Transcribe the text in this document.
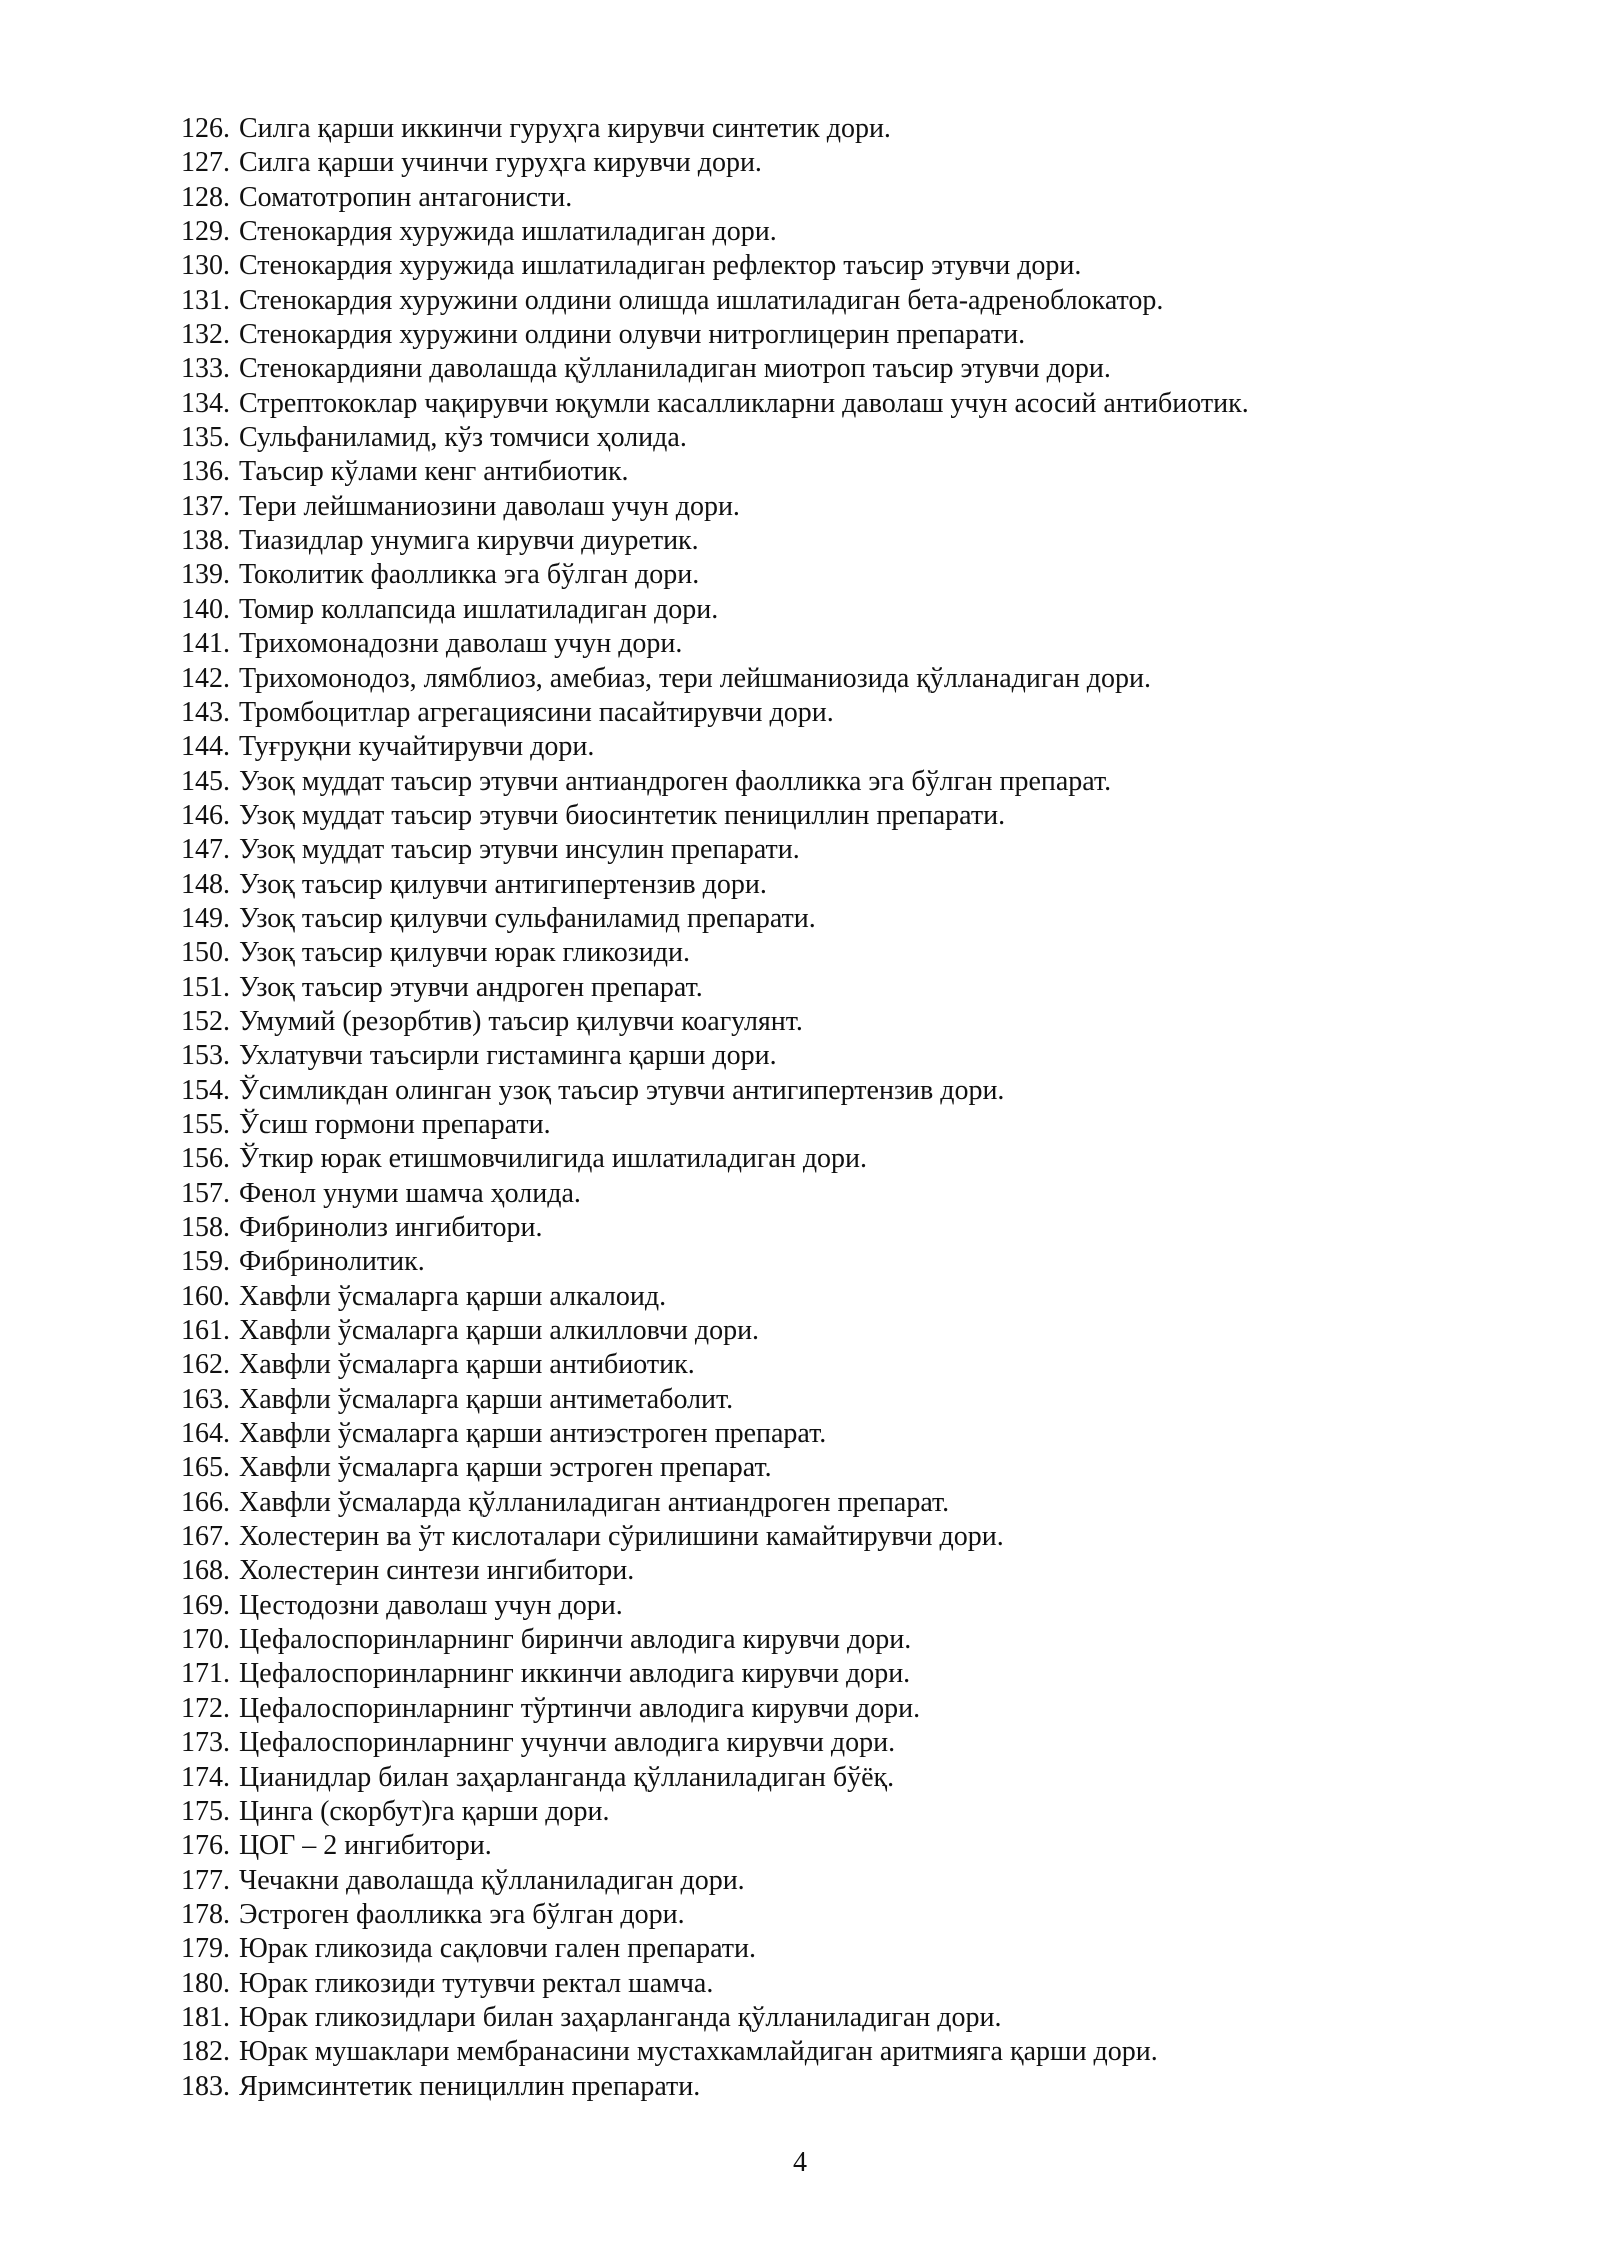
126. Силга қарши иккинчи гуруҳга кирувчи синтетик дори.
127. Силга қарши учинчи гуруҳга кирувчи дори.
128. Соматотропин антагонисти.
129. Стенокардия хуружида ишлатиладиган дори.
130. Стенокардия хуружида ишлатиладиган рефлектор таъсир этувчи дори.
131. Стенокардия хуружини олдини олишда ишлатиладиган бета-адреноблокатор.
132. Стенокардия хуружини олдини олувчи нитроглицерин препарати.
133. Стенокардияни даволашда қўлланиладиган миотроп таъсир этувчи дори.
134. Стрептококлар чақирувчи юқумли касалликларни даволаш учун асосий антибиотик.
135. Сульфаниламид, кўз томчиси ҳолида.
136. Таъсир кўлами кенг антибиотик.
137. Тери лейшманиозини даволаш учун дори.
138. Тиазидлар унумига кирувчи диуретик.
139. Токолитик фаолликка эга бўлган дори.
140. Томир коллапсида ишлатиладиган дори.
141. Трихомонадозни даволаш учун дори.
142. Трихомонодоз, лямблиоз, амебиаз, тери лейшманиозида қўлланадиган дори.
143. Тромбоцитлар агрегациясини пасайтирувчи дори.
144. Туғруқни кучайтирувчи дори.
145. Узоқ муддат таъсир этувчи антиандроген фаолликка эга бўлган препарат.
146. Узоқ муддат таъсир этувчи биосинтетик пенициллин препарати.
147. Узоқ муддат таъсир этувчи инсулин препарати.
148. Узоқ таъсир қилувчи антигипертензив дори.
149. Узоқ таъсир қилувчи сульфаниламид препарати.
150. Узоқ таъсир қилувчи юрак гликозиди.
151. Узоқ таъсир этувчи андроген препарат.
152. Умумий (резорбтив) таъсир қилувчи коагулянт.
153. Ухлатувчи таъсирли гистаминга қарши дори.
154. Ўсимликдан олинган узоқ таъсир этувчи антигипертензив дори.
155. Ўсиш гормони препарати.
156. Ўткир юрак етишмовчилигида ишлатиладиган дори.
157. Фенол унуми шамча ҳолида.
158. Фибринолиз ингибитори.
159. Фибринолитик.
160. Хавфли ўсмаларга қарши алкалоид.
161. Хавфли ўсмаларга қарши алкилловчи дори.
162. Хавфли ўсмаларга қарши антибиотик.
163. Хавфли ўсмаларга қарши антиметаболит.
164. Хавфли ўсмаларга қарши антиэстроген препарат.
165. Хавфли ўсмаларга қарши эстроген препарат.
166. Хавфли ўсмаларда қўлланиладиган антиандроген препарат.
167. Холестерин ва ўт кислоталари сўрилишини камайтирувчи дори.
168. Холестерин синтези ингибитори.
169. Цестодозни даволаш учун дори.
170. Цефалоспоринларнинг биринчи авлодига кирувчи дори.
171. Цефалоспоринларнинг иккинчи авлодига кирувчи дори.
172. Цефалоспоринларнинг тўртинчи авлодига кирувчи дори.
173. Цефалоспоринларнинг учунчи авлодига кирувчи дори.
174. Цианидлар билан заҳарланганда қўлланиладиган бўёқ.
175. Цинга (скорбут)га қарши дори.
176. ЦОГ – 2 ингибитори.
177. Чечакни даволашда қўлланиладиган дори.
178. Эстроген фаолликка эга бўлган дори.
179. Юрак гликозида сақловчи гален препарати.
180. Юрак гликозиди тутувчи ректал шамча.
181. Юрак гликозидлари билан заҳарланганда қўлланиладиган дори.
182. Юрак мушаклари мембранасини мустахкамлайдиган аритмияга қарши дори.
183. Яримсинтетик пенициллин препарати.
4
